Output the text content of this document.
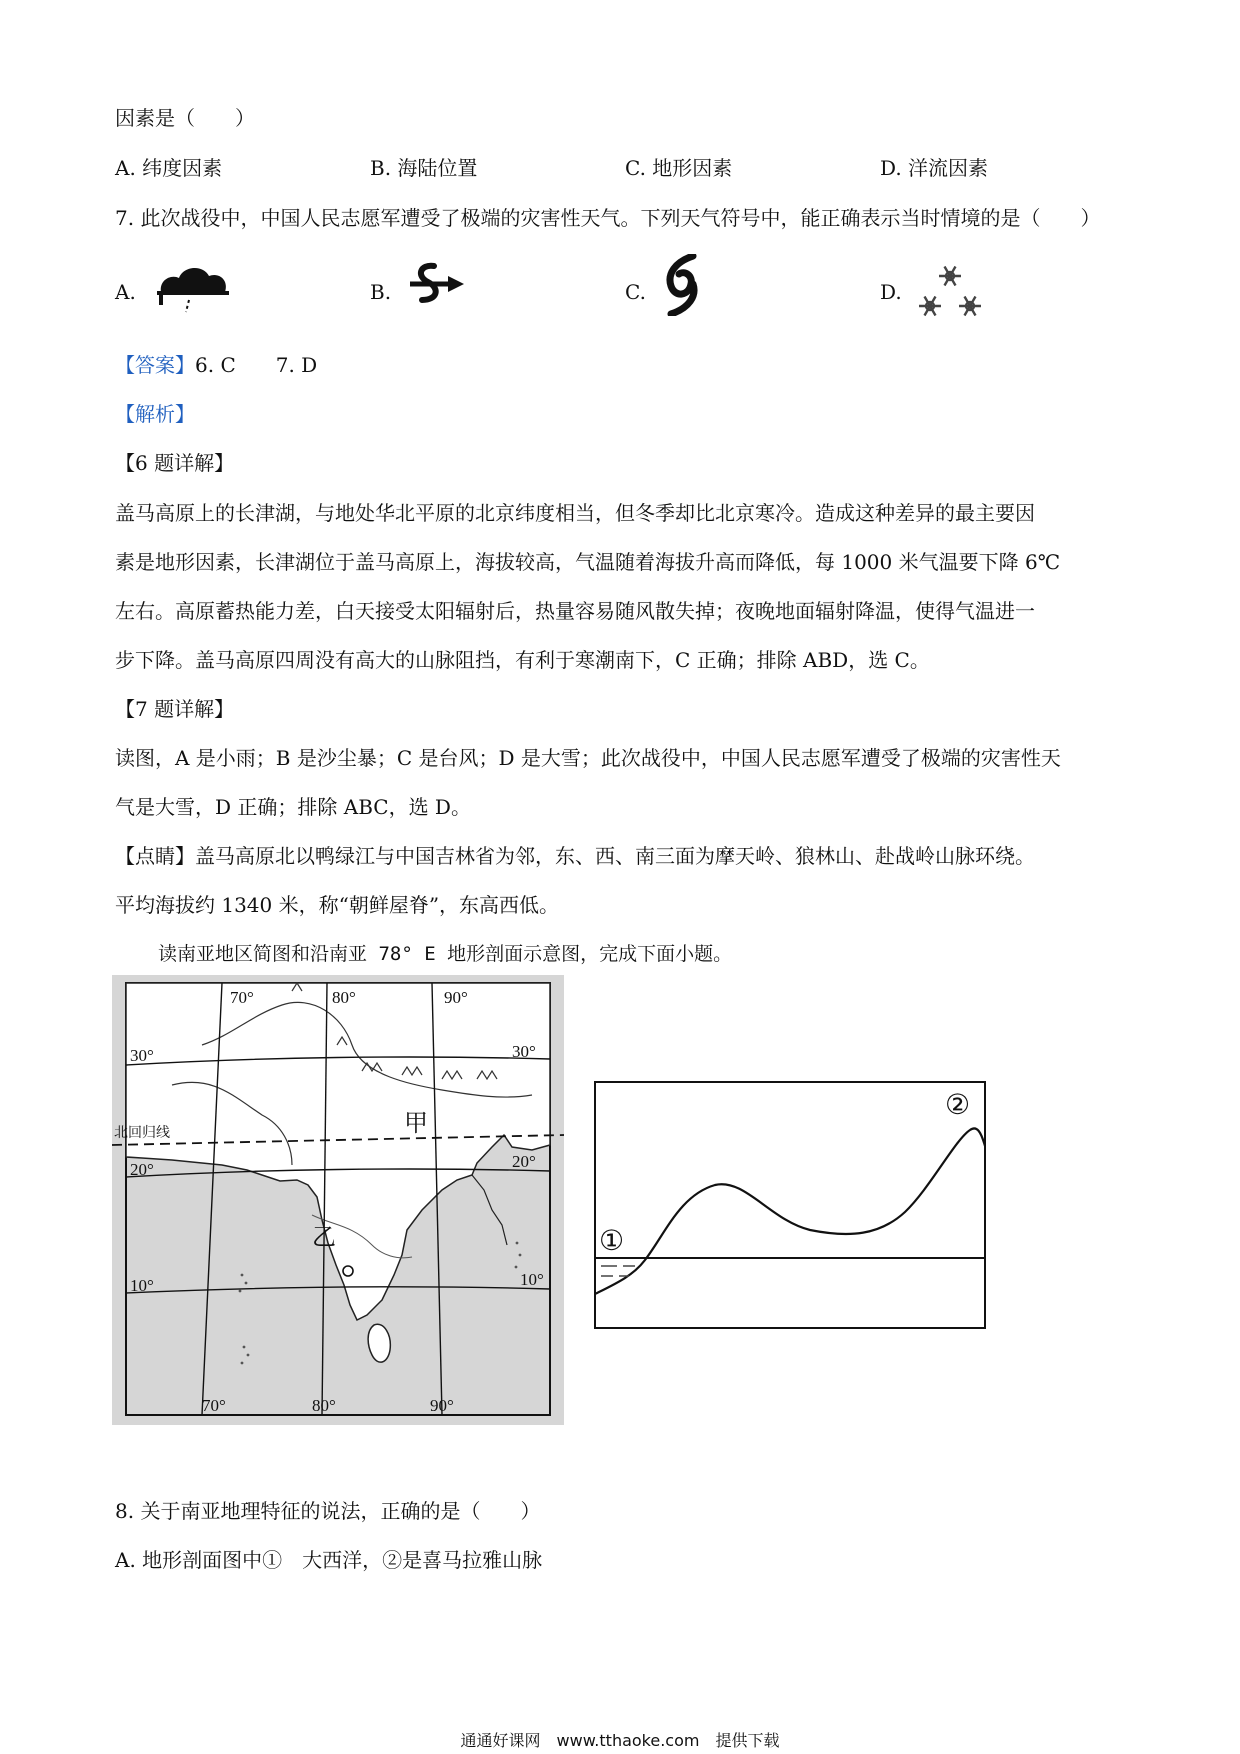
因素是（　　）
A. 纬度因素	B. 海陆位置	C. 地形因素	D. 洋流因素
7. 此次战役中，中国人民志愿军遭受了极端的灾害性天气。下列天气符号中，能正确表示当时情境的是（　　）
A.	B.	C.	D.
【答案】6. C　　7. D
【解析】
【6 题详解】
盖马高原上的长津湖，与地处华北平原的北京纬度相当，但冬季却比北京寒冷。造成这种差异的最主要因
素是地形因素，长津湖位于盖马高原上，海拔较高，气温随着海拔升高而降低，每 1000 米气温要下降 6℃
左右。高原蓄热能力差，白天接受太阳辐射后，热量容易随风散失掉；夜晚地面辐射降温，使得气温进一
步下降。盖马高原四周没有高大的山脉阻挡，有利于寒潮南下，C 正确；排除 ABD，选 C。
【7 题详解】
读图，A 是小雨；B 是沙尘暴；C 是台风；D 是大雪；此次战役中，中国人民志愿军遭受了极端的灾害性天
气是大雪，D 正确；排除 ABC，选 D。
【点睛】盖马高原北以鸭绿江与中国吉林省为邻，东、西、南三面为摩天岭、狼林山、赴战岭山脉环绕。
平均海拔约 1340 米，称“朝鲜屋脊”，东高西低。
读南亚地区简图和沿南亚 78° E 地形剖面示意图，完成下面小题。
70°	80°	90°
70°	80°	90°
30°
20°
10°
30°
20°
10°
北回归线	甲
乙	①
②
8. 关于南亚地理特征的说法，正确的是（　　）
A. 地形剖面图中①　大西洋，②是喜马拉雅山脉
通通好课网　www.tthaoke.com　提供下载
